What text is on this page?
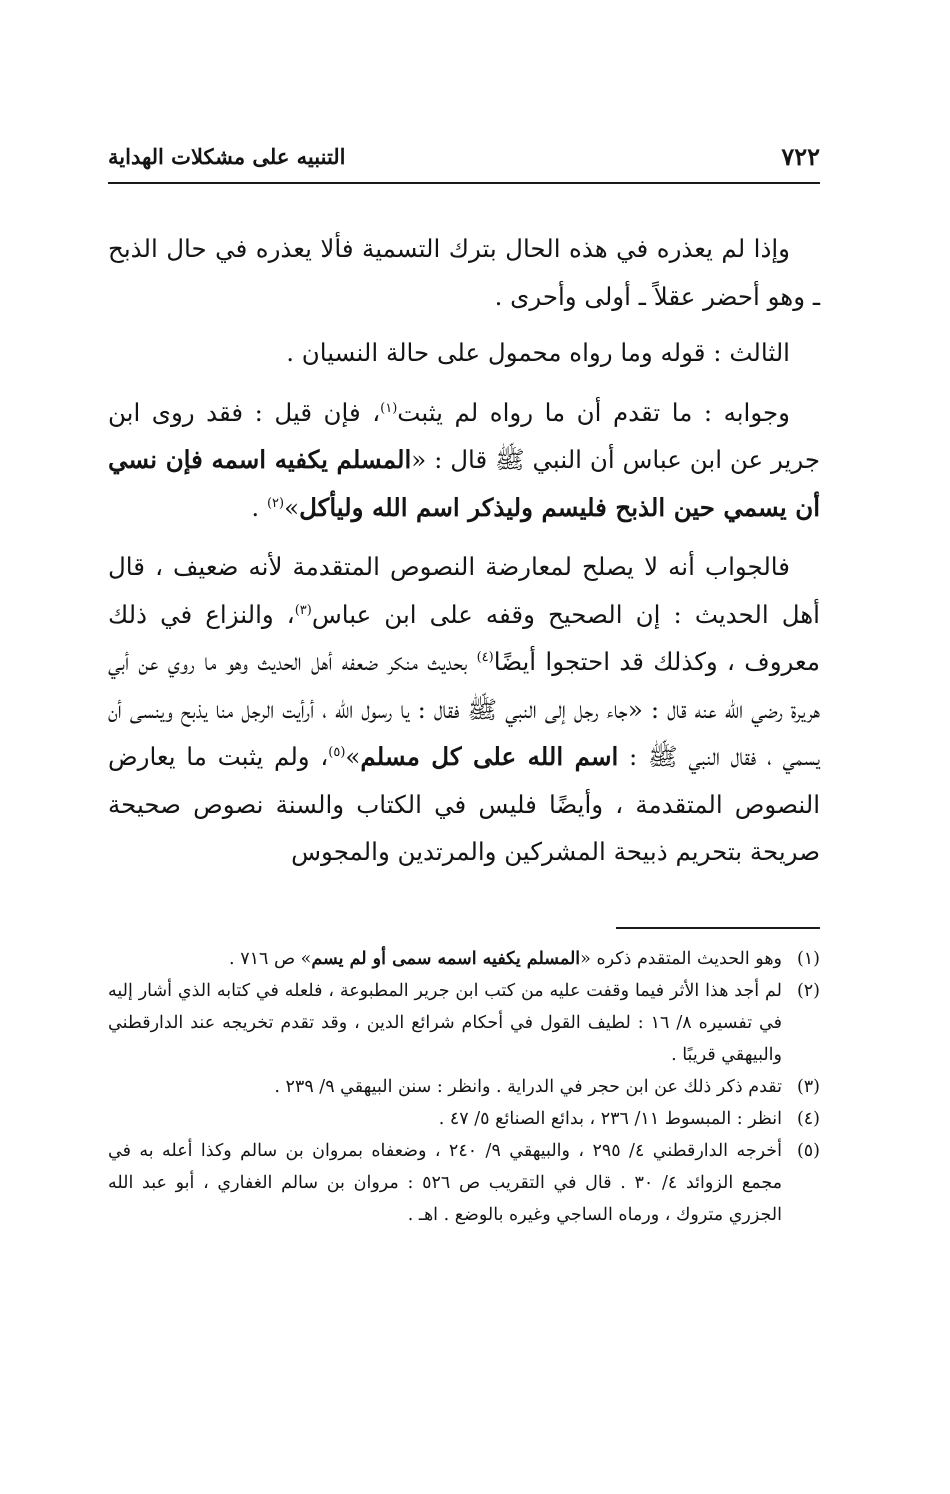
التنبيه على مشكلات الهداية	٧٢٢

وإذا لم يعذره في هذه الحال بترك التسمية فألا يعذره في حال الذبح ـ وهو أحضر عقلاً ـ أولى وأحرى .

الثالث : قوله وما رواه محمول على حالة النسيان .

وجوابه : ما تقدم أن ما رواه لم يثبت$^{(١)}$، فإن قيل : فقد روى ابن جرير عن ابن عباس أن النبي ﷺ قال : «المسلم يكفيه اسمه فإن نسي أن يسمي حين الذبح فليسم وليذكر اسم الله وليأكل»$^{(٢)}$ .

فالجواب أنه لا يصلح لمعارضة النصوص المتقدمة لأنه ضعيف ، قال أهل الحديث : إن الصحيح وقفه على ابن عباس$^{(٣)}$، والنزاع في ذلك معروف ، وكذلك قد احتجوا أيضًا$^{(٤)}$ بحديث منكر ضعفه أهل الحديث وهو ما روي عن أبي هريرة رضي الله عنه قال : «جاء رجل إلى النبي ﷺ فقال : يا رسول الله ، أرأيت الرجل منا يذبح وينسى أن يسمي ، فقال النبي ﷺ : اسم الله على كل مسلم»$^{(٥)}$، ولم يثبت ما يعارض النصوص المتقدمة ، وأيضًا فليس في الكتاب والسنة نصوص صحيحة صريحة بتحريم ذبيحة المشركين والمرتدين والمجوس

(١)
وهو الحديث المتقدم ذكره «المسلم يكفيه اسمه سمى أو لم يسم» ص ٧١٦ .

(٢)
لم أجد هذا الأثر فيما وقفت عليه من كتب ابن جرير المطبوعة ، فلعله في كتابه الذي أشار إليه في تفسيره ٨/ ١٦ : لطيف القول في أحكام شرائع الدين ، وقد تقدم تخريجه عند الدارقطني والبيهقي قريبًا .

(٣)
تقدم ذكر ذلك عن ابن حجر في الدراية . وانظر : سنن البيهقي ٩/ ٢٣٩ .

(٤)
انظر : المبسوط ١١/ ٢٣٦ ، بدائع الصنائع ٥/ ٤٧ .

(٥)
أخرجه الدارقطني ٤/ ٢٩٥ ، والبيهقي ٩/ ٢٤٠ ، وضعفاه بمروان بن سالم وكذا أعله به في مجمع الزوائد ٤/ ٣٠ . قال في التقريب ص ٥٢٦ : مروان بن سالم الغفاري ، أبو عبد الله الجزري متروك ، ورماه الساجي وغيره بالوضع . اهـ .
